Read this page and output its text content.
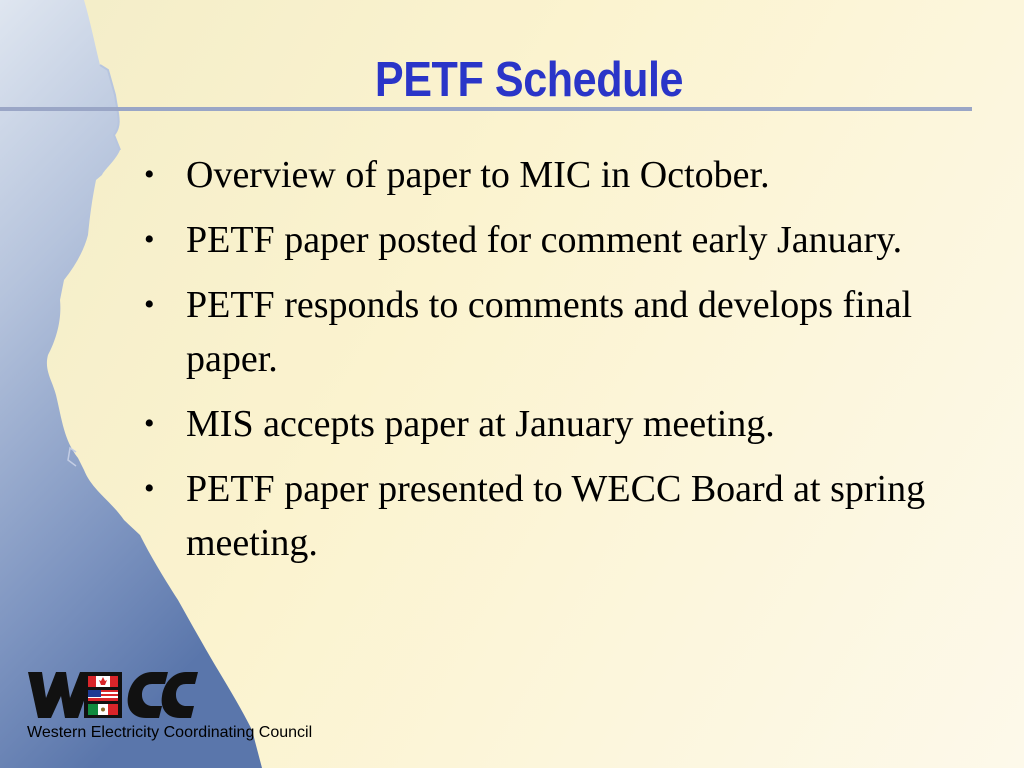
PETF Schedule
• Overview of paper to MIC in October.
• PETF paper posted for comment early January.
• PETF responds to comments and develops final paper.
• MIS accepts paper at January meeting.
• PETF paper presented to WECC Board at spring meeting.
Western Electricity Coordinating Council
